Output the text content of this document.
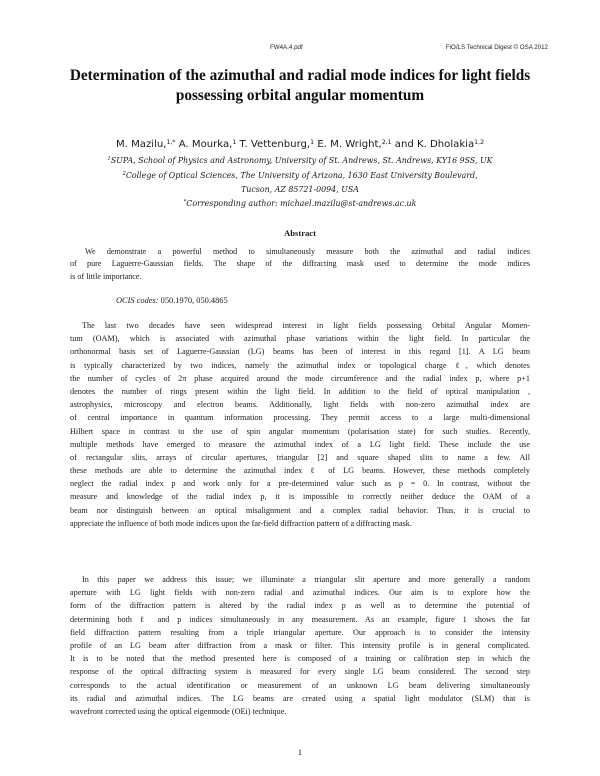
FW4A.4.pdf	FiO/LS Technical Digest © OSA 2012
Determination of the azimuthal and radial mode indices for light fields possessing orbital angular momentum
M. Mazilu,$^{1,*}$ A. Mourka,$^1$ T. Vettenburg,$^1$ E. M. Wright,$^{2,1}$ and K. Dholakia$^{1,2}$
$^1$SUPA, School of Physics and Astronomy, University of St. Andrews, St. Andrews, KY16 9SS, UK
$^2$College of Optical Sciences, The University of Arizona, 1630 East University Boulevard,
Tucson, AZ 85721-0094, USA
*Corresponding author: michael.mazilu@st-andrews.ac.uk
Abstract
We demonstrate a powerful method to simultaneously measure both the azimuthal and radial indices
of pure Laguerre-Gaussian fields. The shape of the diffracting mask used to determine the mode indices
is of little importance.
OCIS codes: 050.1970, 050.4865
The last two decades have seen widespread interest in light fields possessing Orbital Angular Momen-
tum (OAM), which is associated with azimuthal phase variations within the light field. In particular the
orthonormal basis set of Laguerre-Gaussian (LG) beams has been of interest in this regard [1]. A LG beam
is typically characterized by two indices, namely the azimuthal index or topological charge ℓ, which denotes
the number of cycles of 2π phase acquired around the mode circumference and the radial index p, where p+1
denotes the number of rings present within the light field. In addition to the field of optical manipulation ,
astrophysics, microscopy and electron beams. Additionally, light fields with non-zero azimuthal index are
of central importance in quantum information processing. They permit access to a large multi-dimensional
Hilbert space in contrast to the use of spin angular momentum (polarisation state) for such studies. Recently,
multiple methods have emerged to measure the azimuthal index of a LG light field. These include the use
of rectangular slits, arrays of circular apertures, triangular [2] and square shaped slits to name a few. All
these methods are able to determine the azimuthal index ℓ of LG beams. However, these methods completely
neglect the radial index p and work only for a pre-determined value such as p = 0. In contrast, without the
measure and knowledge of the radial index p, it is impossible to correctly neither deduce the OAM of a
beam nor distinguish between an optical misalignment and a complex radial behavior. Thus, it is crucial to
appreciate the influence of both mode indices upon the far-field diffraction pattern of a diffracting mask.
In this paper we address this issue; we illuminate a triangular slit aperture and more generally a random
aperture with LG light fields with non-zero radial and azimuthal indices. Our aim is to explore how the
form of the diffraction pattern is altered by the radial index p as well as to determine the potential of
determining both ℓ and p indices simultaneously in any measurement. As an example, figure 1 shows the far
field diffraction pattern resulting from a triple triangular aperture. Our approach is to consider the intensity
profile of an LG beam after diffraction from a mask or filter. This intensity profile is in general complicated.
It is to be noted that the method presented here is composed of a training or calibration step in which the
response of the optical diffracting system is measured for every single LG beam considered. The second step
corresponds to the actual identification or measurement of an unknown LG beam delivering simultaneously
its radial and azimuthal indices. The LG beams are created using a spatial light modulator (SLM) that is
wavefront corrected using the optical eigenmode (OEi) technique.
1
